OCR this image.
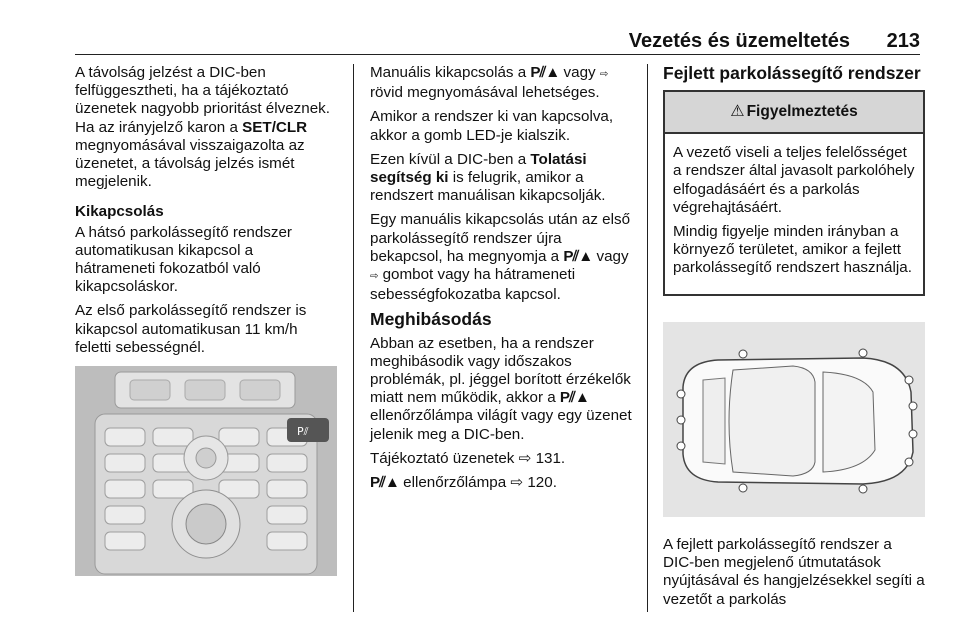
Vezetés és üzemeltetés 213

A távolság jelzést a DIC-ben felfüggesztheti, ha a tájékoztató üzenetek nagyobb prioritást élveznek. Ha az irányjelző karon a SET/CLR megnyomásával visszaigazolta az üzenetet, a távolság jelzés ismét megjelenik.

Kikapcsolás

A hátsó parkolássegítő rendszer automatikusan kikapcsol a hátrameneti fokozatból való kikapcsoláskor.

Az első parkolássegítő rendszer is kikapcsol automatikusan 11 km/h feletti sebességnél.

P⫽

Manuális kikapcsolás a P⫽▲ vagy ⇨ rövid megnyomásával lehetséges.

Amikor a rendszer ki van kapcsolva, akkor a gomb LED-je kialszik.

Ezen kívül a DIC-ben a Tolatási segítség ki is felugrik, amikor a rendszert manuálisan kikapcsolják.

Egy manuális kikapcsolás után az első parkolássegítő rendszer újra bekapcsol, ha megnyomja a P⫽▲ vagy ⇨ gombot vagy ha hátrameneti sebességfokozatba kapcsol.

Meghibásodás

Abban az esetben, ha a rendszer meghibásodik vagy időszakos problémák, pl. jéggel borított érzékelők miatt nem működik, akkor a P⫽▲ ellenőrzőlámpa világít vagy egy üzenet jelenik meg a DIC-ben.

Tájékoztató üzenetek ⇨ 131.

P⫽▲ ellenőrzőlámpa ⇨ 120.

Fejlett parkolássegítő rendszer
⚠ Figyelmeztetés

A vezető viseli a teljes felelősséget a rendszer által javasolt parkolóhely elfogadásáért és a parkolás végrehajtásáért.

Mindig figyelje minden irányban a környező területet, amikor a fejlett parkolássegítő rendszert használja.

A fejlett parkolássegítő rendszer a DIC-ben megjelenő útmutatások nyújtásával és hangjelzésekkel segíti a vezetőt a parkolás
